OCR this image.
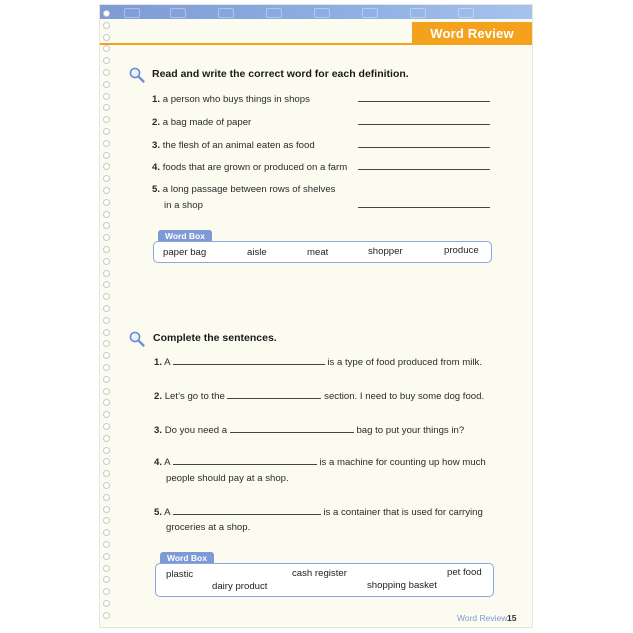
Word Review
Read and write the correct word for each definition.
1. a person who buys things in shops
2. a bag made of paper
3. the flesh of an animal eaten as food
4. foods that are grown or produced on a farm
5. a long passage between rows of shelves
in a shop
Word Box
paper bag	aisle	meat	shopper	produce
Complete the sentences.
1. A	is a type of food produced from milk.
2. Let’s go to the	section. I need to buy some dog food.
3. Do you need a	bag to put your things in?
4. A	is a machine for counting up how much
people should pay at a shop.
5. A	is a container that is used for carrying
groceries at a shop.
Word Box
plastic	cash register	pet food
dairy product	shopping basket
Word Review 15
